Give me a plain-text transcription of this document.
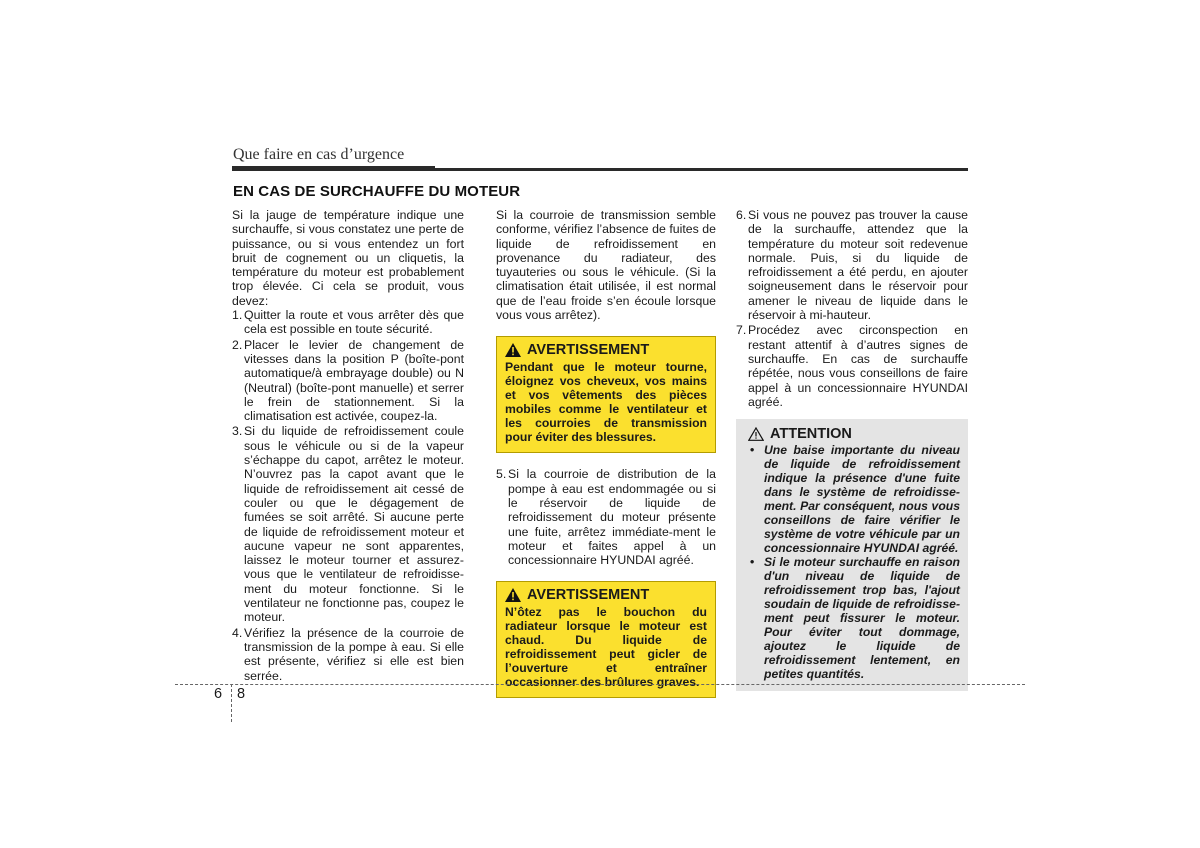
Que faire en cas d’urgence
EN CAS DE SURCHAUFFE DU MOTEUR

Si la jauge de température indique une surchauffe, si vous constatez une perte de puissance, ou si vous entendez un fort bruit de cognement ou un cliquetis, la température du moteur est probablement trop élevée. Ci cela se produit, vous devez:

1. Quitter la route et vous arrêter dès que cela est possible en toute sécurité.
2. Placer le levier de changement de vitesses dans la position P (boîte-pont automatique/à embrayage double) ou N (Neutral) (boîte-pont manuelle) et serrer le frein de stationnement. Si la climatisation est activée, coupez-la.
3. Si du liquide de refroidissement coule sous le véhicule ou si de la vapeur s’échappe du capot, arrêtez le moteur. N’ouvrez pas la capot avant que le liquide de refroidissement ait cessé de couler ou que le dégagement de fumées se soit arrêté. Si aucune perte de liquide de refroidissement moteur et aucune vapeur ne sont apparentes, laissez le moteur tourner et assurez-vous que le ventilateur de refroidisse-ment du moteur fonctionne. Si le ventilateur ne fonctionne pas, coupez le moteur.
4. Vérifiez la présence de la courroie de transmission de la pompe à eau. Si elle est présente, vérifiez si elle est bien serrée.

Si la courroie de transmission semble conforme, vérifiez l’absence de fuites de liquide de refroidissement en provenance du radiateur, des tuyauteries ou sous le véhicule. (Si la climatisation était utilisée, il est normal que de l’eau froide s’en écoule lorsque vous vous arrêtez).

AVERTISSEMENT

Pendant que le moteur tourne, éloignez vos cheveux, vos mains et vos vêtements des pièces mobiles comme le ventilateur et les courroies de transmission pour éviter des blessures.

5. Si la courroie de distribution de la pompe à eau est endommagée ou si le réservoir de liquide de refroidissement du moteur présente une fuite, arrêtez immédiate-ment le moteur et faites appel à un concessionnaire HYUNDAI agréé.
AVERTISSEMENT

N’ôtez pas le bouchon du radiateur lorsque le moteur est chaud. Du liquide de refroidissement peut gicler de l’ouverture et entraîner occasionner des brûlures graves.

6. Si vous ne pouvez pas trouver la cause de la surchauffe, attendez que la température du moteur soit redevenue normale. Puis, si du liquide de refroidissement a été perdu, en ajouter soigneusement dans le réservoir pour amener le niveau de liquide dans le réservoir à mi-hauteur.
7. Procédez avec circonspection en restant attentif à d’autres signes de surchauffe. En cas de surchauffe répétée, nous vous conseillons de faire appel à un concessionnaire HYUNDAI agréé.
ATTENTION
• Une baise importante du niveau de liquide de refroidissement indique la présence d'une fuite dans le système de refroidisse-ment. Par conséquent, nous vous conseillons de faire vérifier le système de votre véhicule par un concessionnaire HYUNDAI agréé.
• Si le moteur surchauffe en raison d'un niveau de liquide de refroidissement trop bas, l'ajout soudain de liquide de refroidisse-ment peut fissurer le moteur. Pour éviter tout dommage, ajoutez le liquide de refroidissement lentement, en petites quantités.
6 8
